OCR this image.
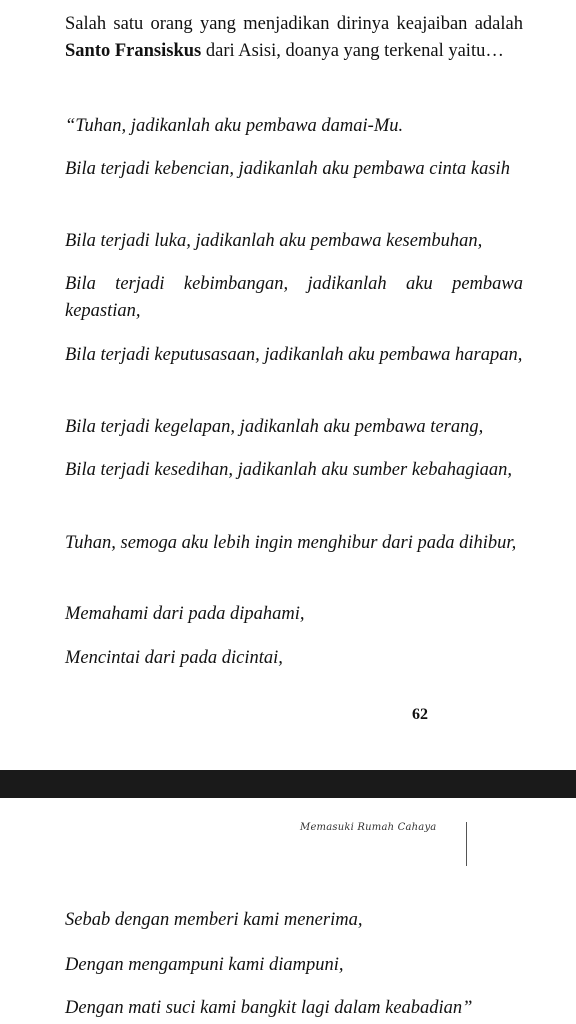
Salah satu orang yang menjadikan dirinya keajaiban adalah Santo Fransiskus dari Asisi, doanya yang terkenal yaitu…

“Tuhan, jadikanlah aku pembawa damai-Mu.

Bila terjadi kebencian, jadikanlah aku pembawa cinta kasih

Bila terjadi luka, jadikanlah aku pembawa kesembuhan,

Bila terjadi kebimbangan, jadikanlah aku pembawa kepastian,

Bila terjadi keputusasaan, jadikanlah aku pembawa harapan,

Bila terjadi kegelapan, jadikanlah aku pembawa terang,

Bila terjadi kesedihan, jadikanlah aku sumber kebahagiaan,

Tuhan, semoga aku lebih ingin menghibur dari pada dihibur,

Memahami dari pada dipahami,

Mencintai dari pada dicintai,

62
Memasuki Rumah Cahaya

Sebab dengan memberi kami menerima,

Dengan mengampuni kami diampuni,

Dengan mati suci kami bangkit lagi dalam keabadian”
